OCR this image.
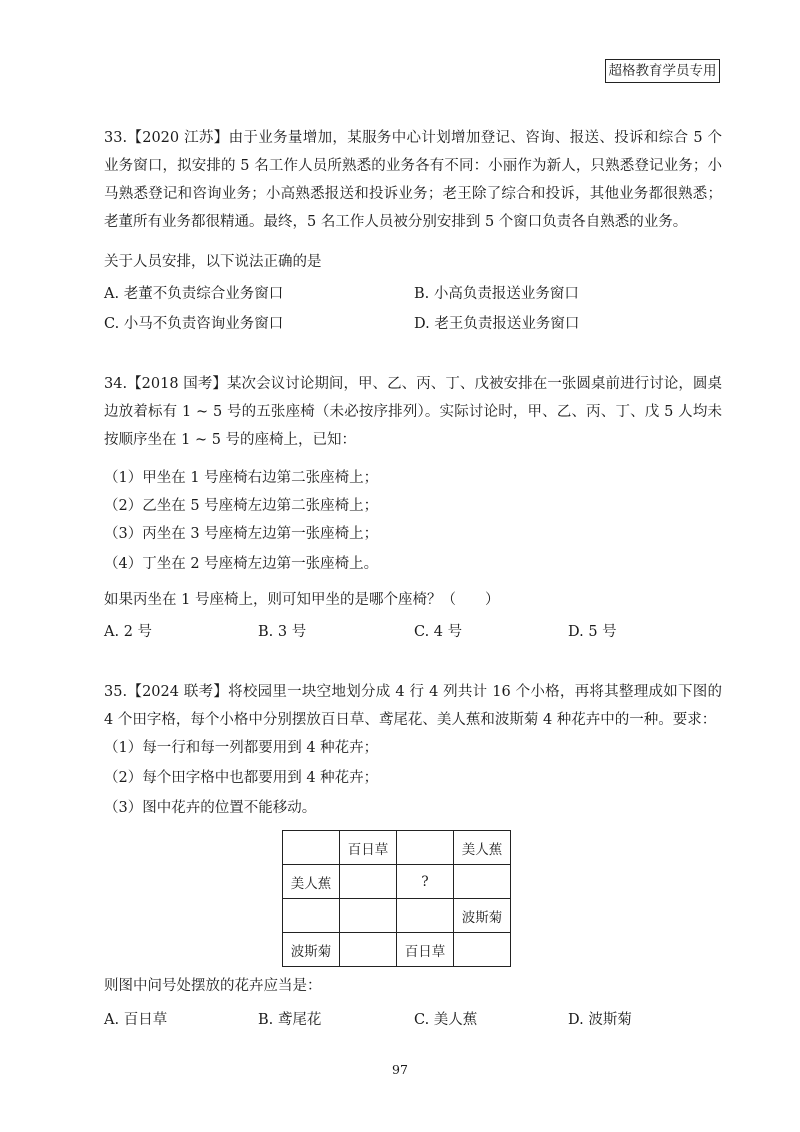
超格教育学员专用

33.【2020 江苏】由于业务量增加，某服务中心计划增加登记、咨询、报送、投诉和综合 5 个业务窗口，拟安排的 5 名工作人员所熟悉的业务各有不同：小丽作为新人，只熟悉登记业务；小马熟悉登记和咨询业务；小高熟悉报送和投诉业务；老王除了综合和投诉，其他业务都很熟悉；老董所有业务都很精通。最终，5 名工作人员被分别安排到 5 个窗口负责各自熟悉的业务。

关于人员安排，以下说法正确的是
A. 老董不负责综合业务窗口	B. 小高负责报送业务窗口
C. 小马不负责咨询业务窗口	D. 老王负责报送业务窗口

34.【2018 国考】某次会议讨论期间，甲、乙、丙、丁、戊被安排在一张圆桌前进行讨论，圆桌边放着标有 1 ~ 5 号的五张座椅（未必按序排列）。实际讨论时，甲、乙、丙、丁、戊 5 人均未按顺序坐在 1 ~ 5 号的座椅上，已知：

（1）甲坐在 1 号座椅右边第二张座椅上；
（2）乙坐在 5 号座椅左边第二张座椅上；
（3）丙坐在 3 号座椅左边第一张座椅上；
（4）丁坐在 2 号座椅左边第一张座椅上。
如果丙坐在 1 号座椅上，则可知甲坐的是哪个座椅？（　　）
A. 2 号	B. 3 号	C. 4 号	D. 5 号

35.【2024 联考】将校园里一块空地划分成 4 行 4 列共计 16 个小格，再将其整理成如下图的 4 个田字格，每个小格中分别摆放百日草、鸢尾花、美人蕉和波斯菊 4 种花卉中的一种。要求：

（1）每一行和每一列都要用到 4 种花卉；
（2）每个田字格中也都要用到 4 种花卉；
（3）图中花卉的位置不能移动。
	百日草		美人蕉
美人蕉		?	
			波斯菊
波斯菊		百日草	
则图中问号处摆放的花卉应当是：
A. 百日草	B. 鸢尾花	C. 美人蕉	D. 波斯菊
97
